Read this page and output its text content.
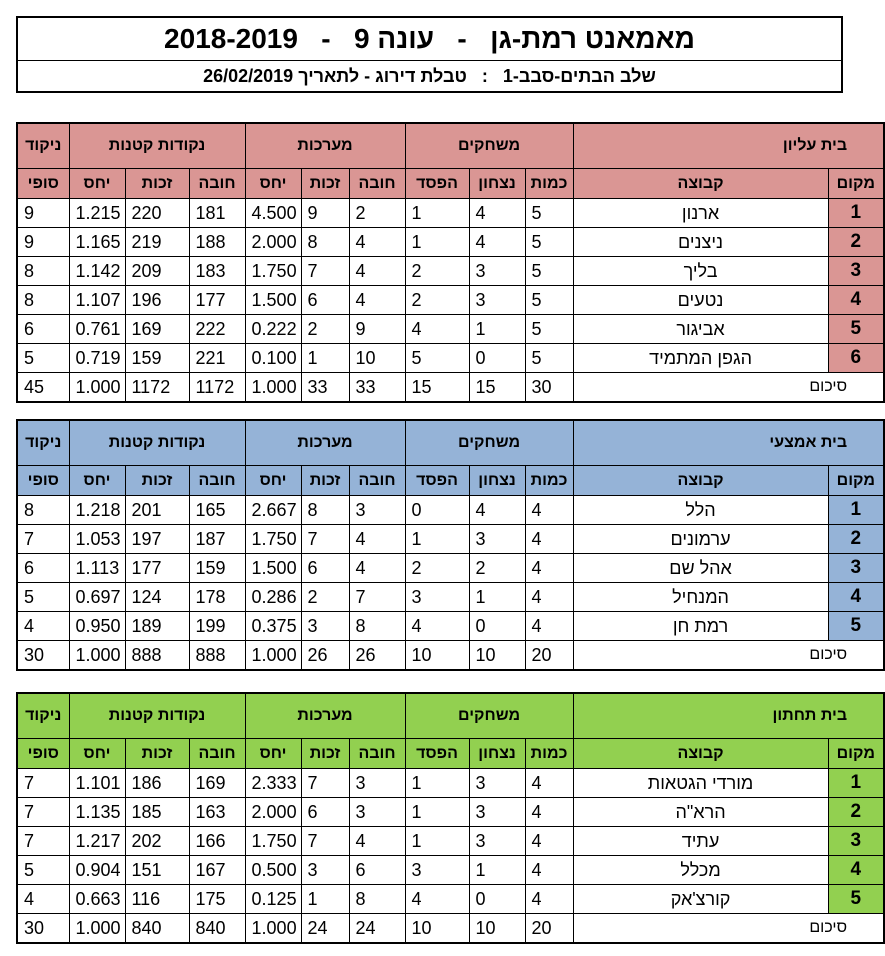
מאמאנט רמת-גן   -   עונה 9   -   2018-2019
שלב הבתים-סבב-1   :   טבלת דירוג - לתאריך 26/02/2019
ניקוד	נקודות קטנות			מערכות			משחקים			בית עליון	
סופי	יחס	זכות	חובה	יחס	זכות	חובה	הפסד	נצחון	כמות	קבוצה	מקום
9	1.215	220	181	4.500	9	2	1	4	5	ארנון	1
9	1.165	219	188	2.000	8	4	1	4	5	ניצנים	2
8	1.142	209	183	1.750	7	4	2	3	5	בליך	3
8	1.107	196	177	1.500	6	4	2	3	5	נטעים	4
6	0.761	169	222	0.222	2	9	4	1	5	אביגור	5
5	0.719	159	221	0.100	1	10	5	0	5	הגפן המתמיד	6
45	1.000	1172	1172	1.000	33	33	15	15	30	סיכום	
ניקוד	נקודות קטנות			מערכות			משחקים			בית אמצעי	
סופי	יחס	זכות	חובה	יחס	זכות	חובה	הפסד	נצחון	כמות	קבוצה	מקום
8	1.218	201	165	2.667	8	3	0	4	4	הלל	1
7	1.053	197	187	1.750	7	4	1	3	4	ערמונים	2
6	1.113	177	159	1.500	6	4	2	2	4	אהל שם	3
5	0.697	124	178	0.286	2	7	3	1	4	המנחיל	4
4	0.950	189	199	0.375	3	8	4	0	4	רמת חן	5
30	1.000	888	888	1.000	26	26	10	10	20	סיכום	
ניקוד	נקודות קטנות			מערכות			משחקים			בית תחתון	
סופי	יחס	זכות	חובה	יחס	זכות	חובה	הפסד	נצחון	כמות	קבוצה	מקום
7	1.101	186	169	2.333	7	3	1	3	4	מורדי הגטאות	1
7	1.135	185	163	2.000	6	3	1	3	4	הרא"ה	2
7	1.217	202	166	1.750	7	4	1	3	4	עתיד	3
5	0.904	151	167	0.500	3	6	3	1	4	מכלל	4
4	0.663	116	175	0.125	1	8	4	0	4	קורצ'אק	5
30	1.000	840	840	1.000	24	24	10	10	20	סיכום	
